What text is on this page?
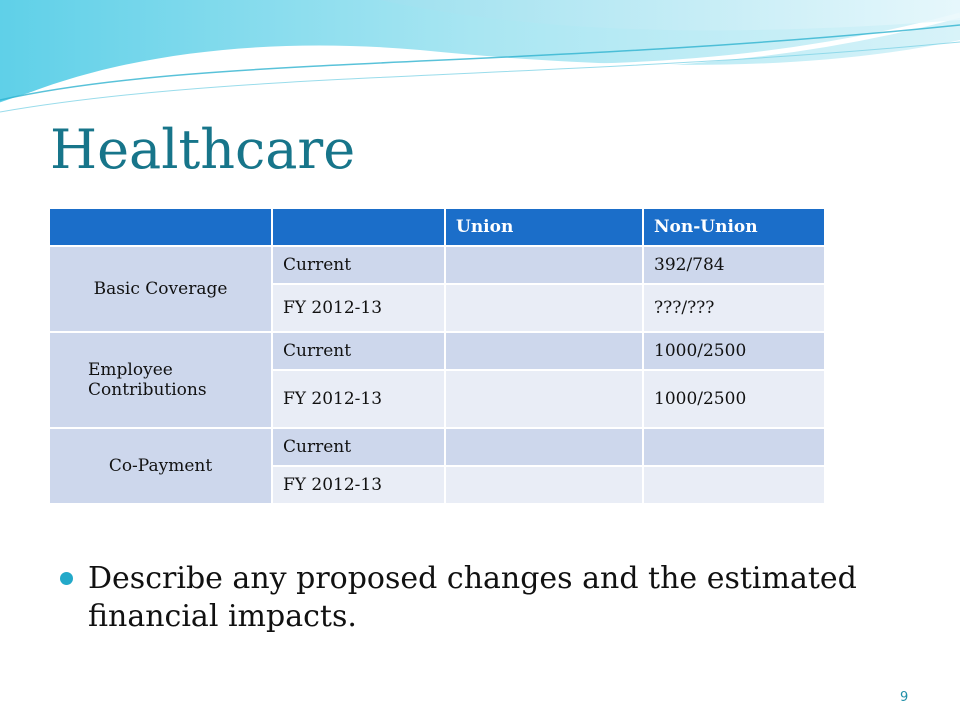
Healthcare
		Union	Non-Union
Basic Coverage	Current		392/784
	FY 2012-13		???/???
Employee Contributions	Current		1000/2500
	FY 2012-13		1000/2500
Co-Payment	Current		
	FY 2012-13		
Describe any proposed changes and the estimated financial impacts.
9
